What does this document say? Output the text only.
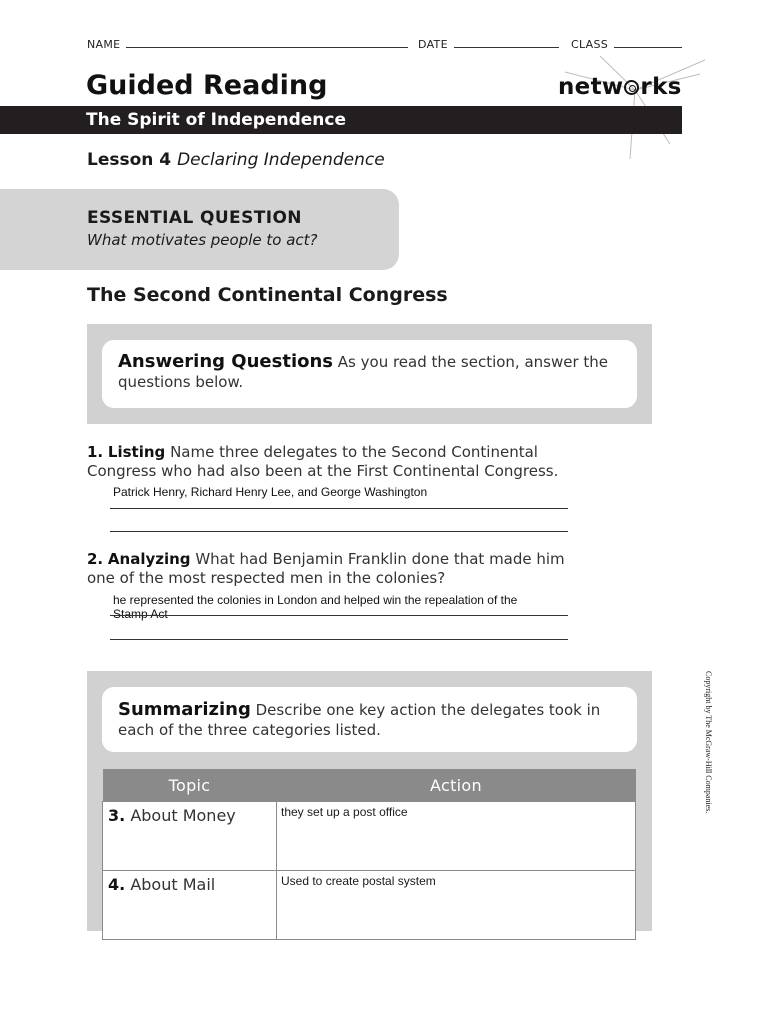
NAME	DATE	CLASS
Guided Reading	netw rks
The Spirit of Independence
Lesson 4 Declaring Independence
ESSENTIAL QUESTION
What motivates people to act?
The Second Continental Congress
Answering Questions As you read the section, answer the questions below.
1. Listing Name three delegates to the Second Continental Congress who had also been at the First Continental Congress.
Patrick Henry, Richard Henry Lee, and George Washington
2. Analyzing What had Benjamin Franklin done that made him one of the most respected men in the colonies?
he represented the colonies in London and helped win the repealation of the Stamp Act
Summarizing Describe one key action the delegates took in each of the three categories listed.
Topic	Action
3. About Money	they set up a post office
4. About Mail	Used to create postal system
Copyright by The McGraw-Hill Companies.
